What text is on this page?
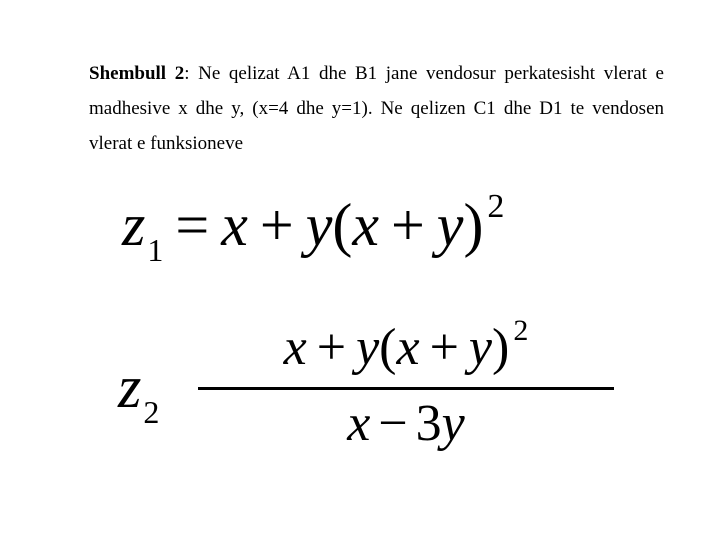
Shembull 2: Ne qelizat A1 dhe B1 jane vendosur perkatesisht vlerat e madhesive x dhe y, (x=4 dhe y=1). Ne qelizen C1 dhe D1 te vendosen vlerat e funksioneve
$z_1 = x + y(x + y)$ $^2$
$z_2$
x + y(x + y) $^2$
x − 3y
